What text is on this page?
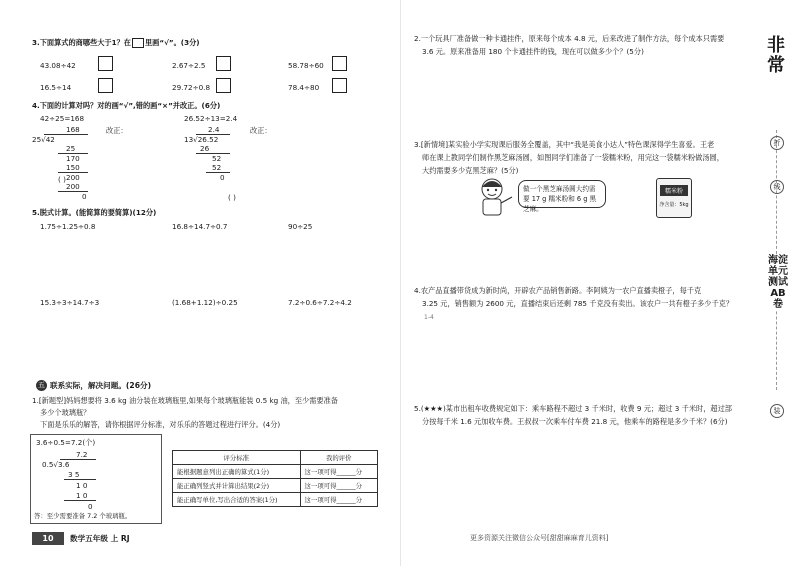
3.下面算式的商哪些大于1？在 里画“√”。(3分)
43.08÷42	2.67÷2.5	58.78÷60
16.5÷14	29.72÷0.8	78.4÷80
4.下面的计算对吗？对的画“√”,错的画“×”并改正。(6分)
42÷25=168
168
25√42
25
170
150
200
200
0
改正：
( )
26.52÷13=2.4
2.4
13√26.52
26
52
52
0
改正：
( )
5.脱式计算。(能简算的要简算)(12分)
1.75÷1.25÷0.8	16.8÷14.7÷0.7	90÷25
15.3÷3÷14.7÷3	(1.68+1.12)÷0.25	7.2÷0.6÷7.2÷4.2
五 联系实际，解决问题。(26分)
1.[新题型]妈妈想要将 3.6 kg 油分装在玻璃瓶里,如果每个玻璃瓶能装 0.5 kg 油，至少需要准备
多少个玻璃瓶？
下面是乐乐的解答，请你根据评分标准，对乐乐的答题过程进行评分。(4分)
3.6÷0.5=7.2(个)
7.2
0.5√3.6
3 5
1 0
1 0
0
答：至少需要准备 7.2 个玻璃瓶。
评分标准	我的评价
能根据题意列出正确的算式(1分)	这一项可得______分
能正确列竖式并计算出结果(2分)	这一项可得______分
能正确写单位,写出合适的答案(1分)	这一项可得______分
10	数学五年级 上 RJ
2.一个玩具厂准备做一种卡通挂件，原来每个成本 4.8 元，后来改进了制作方法，每个成本只需要
3.6 元。原来准备用 180 个卡通挂件的钱，现在可以做多少个？(5分)
3.[新情境]某实验小学实现课后服务全覆盖，其中“我是美食小达人”特色课深得学生喜爱。王老
师在课上教同学们制作黑芝麻汤圆，如图同学们准备了一袋糯米粉，用完这一袋糯米粉做汤圆，
大约需要多少克黑芝麻？(5分)
做一个黑芝麻汤圆大约需要 17 g 糯米粉和 6 g 黑芝麻。
糯米粉
净含量：5kg
4.农产品直播带货成为新时尚，开辟农产品销售新路。李阿姨为一农户直播卖橙子，每千克
3.25 元，销售额为 2600 元，直播结束后还剩 785 千克没有卖出。该农户一共有橙子多少千克？
1-4
5.(★★★)某市出租车收费规定如下：乘车路程不超过 3 千米时，收费 9 元；超过 3 千米时，超过部
分按每千米 1.6 元加收车费。王叔叔一次乘车付车费 21.8 元，他乘车的路程是多少千米？(6分)
更多资源关注微信公众号[甜甜麻麻育儿资料]
非常
折
线
海淀单元测试AB卷
装
